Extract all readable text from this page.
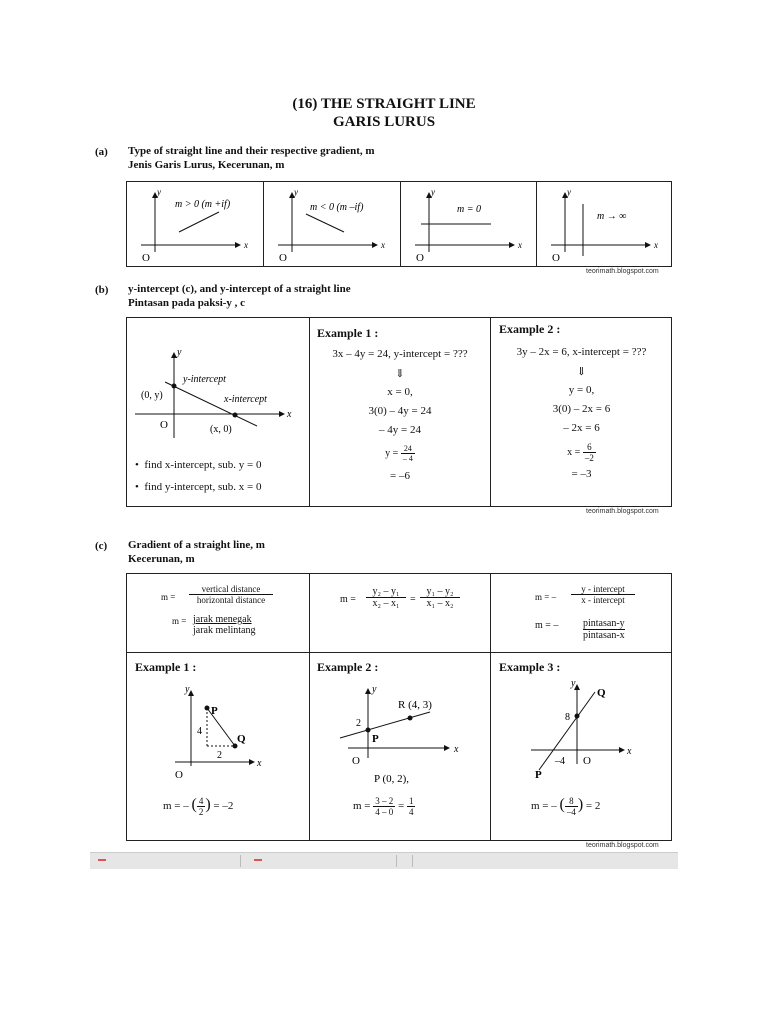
(16) THE STRAIGHT LINE
GARIS LURUS
(a) Type of straight line and their respective gradient, m
Jenis Garis Lurus, Kecerunan, m
y
x
O
m > 0 (m +if)
y
x
O
m < 0 (m –if)
y
x
O
m = 0
y
x
O
m → ∞
teorimath.blogspot.com
(b) y-intercept (c), and y-intercept of a straight line
Pintasan pada paksi-y , c
y
x
O
y-intercept
x-intercept
(0, y)
(x, 0)
•  find x-intercept, sub. y = 0
•  find y-intercept, sub. x = 0
Example 1 :
3x – 4y = 24, y-intercept = ???
⇓
x = 0,
3(0) – 4y = 24
– 4y = 24
$y = \frac{24}{- 4}$
= –6
Example 2 :
3y – 2x = 6, x-intercept = ???
⇓
y = 0,
3(0) – 2x = 6
– 2x = 6
$x = \frac{6}{-2}$
= –3
teorimath.blogspot.com
(c) Gradient of a straight line, m
Kecerunan, m
m =
vertical distance
horizontal distance
m = jarak menegak
jarak melintang
m =
y₂ – y₁
x₂ – x₁	=
y₁ – y₂
x₁ – x₂
m = –
y - intercept
x - intercept
m = – pintasan-y
pintasan-x
Example 1 :
y
x
O
P
Q
4
2
m = – ( $\frac{4}{2}$ ) = –2
Example 2 :
y
x
O
R (4, 3)
P
2
P (0, 2),
$m = \frac{3 - 2}{4 - 0} = \frac{1}{4}$
Example 3 :
y
x
O
P
Q
8
–4
m = – ( $\frac{8}{-4}$ ) = 2
teorimath.blogspot.com
